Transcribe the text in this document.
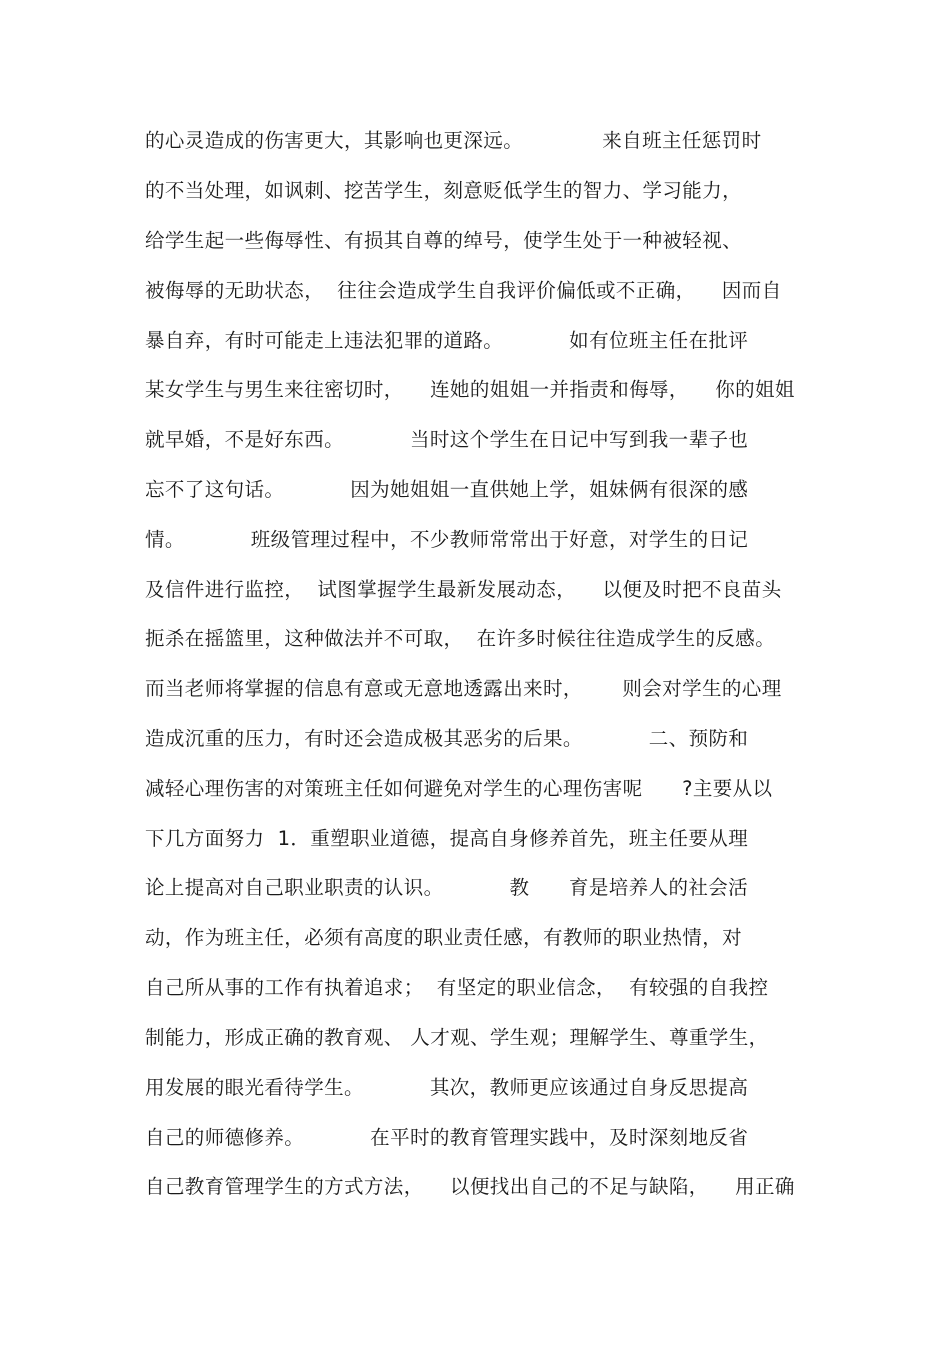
的心灵造成的伤害更大，其影响也更深远。            来自班主任惩罚时
的不当处理，如讽刺、挖苦学生，刻意贬低学生的智力、学习能力，
给学生起一些侮辱性、有损其自尊的绰号，使学生处于一种被轻视、
被侮辱的无助状态，  往往会造成学生自我评价偏低或不正确，    因而自
暴自弃，有时可能走上违法犯罪的道路。          如有位班主任在批评
某女学生与男生来往密切时，    连她的姐姐一并指责和侮辱，    你的姐姐
就早婚，不是好东西。          当时这个学生在日记中写到我一辈子也
忘不了这句话。          因为她姐姐一直供她上学，姐妹俩有很深的感
情。          班级管理过程中，不少教师常常出于好意，对学生的日记
及信件进行监控，  试图掌握学生最新发展动态，    以便及时把不良苗头
扼杀在摇篮里，这种做法并不可取，  在许多时候往往造成学生的反感。
而当老师将掌握的信息有意或无意地透露出来时，      则会对学生的心理
造成沉重的压力，有时还会造成极其恶劣的后果。          二、预防和
减轻心理伤害的对策班主任如何避免对学生的心理伤害呢      ?主要从以
下几方面努力  1．重塑职业道德，提高自身修养首先，班主任要从理
论上提高对自己职业职责的认识。          教      育是培养人的社会活
动，作为班主任，必须有高度的职业责任感，有教师的职业热情，对
自己所从事的工作有执着追求；  有坚定的职业信念，  有较强的自我控
制能力，形成正确的教育观、 人才观、学生观；理解学生、尊重学生，
用发展的眼光看待学生。          其次，教师更应该通过自身反思提高
自己的师德修养。          在平时的教育管理实践中，及时深刻地反省
自己教育管理学生的方式方法，    以便找出自己的不足与缺陷，    用正确
